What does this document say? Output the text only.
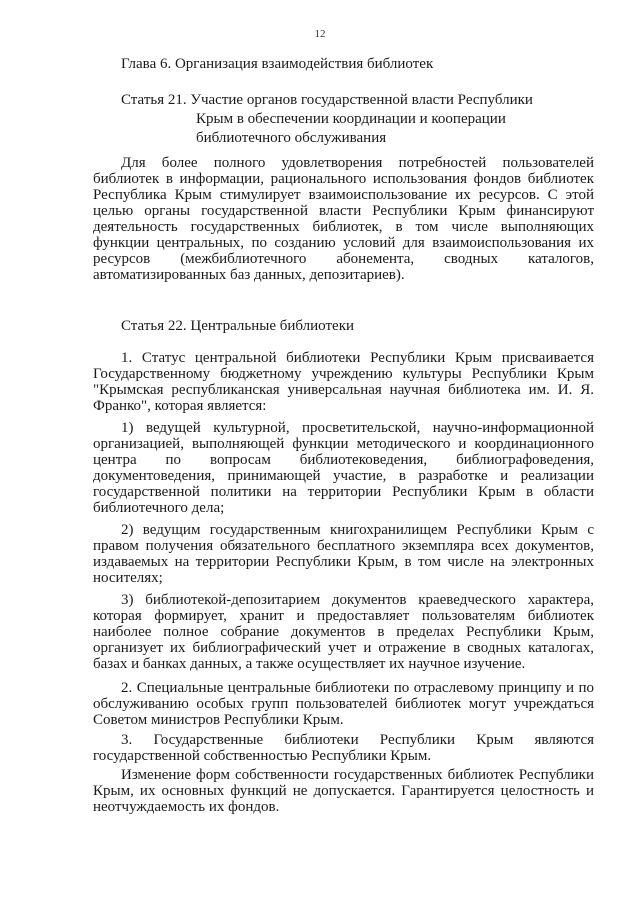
12
Глава 6. Организация взаимодействия библиотек
Статья 21. Участие органов государственной власти Республики
Крым в обеспечении координации и кооперации
библиотечного обслуживания

Для более полного удовлетворения потребностей пользователей библиотек в информации, рационального использования фондов библиотек Республика Крым стимулирует взаимоиспользование их ресурсов. С этой целью органы государственной власти Республики Крым финансируют деятельность государственных библиотек, в том числе выполняющих функции центральных, по созданию условий для взаимоиспользования их ресурсов (межбиблиотечного абонемента, сводных каталогов, автоматизированных баз данных, депозитариев).

Статья 22. Центральные библиотеки

1. Статус центральной библиотеки Республики Крым присваивается Государственному бюджетному учреждению культуры Республики Крым "Крымская республиканская универсальная научная библиотека им. И. Я. Франко", которая является:

1) ведущей культурной, просветительской, научно-информационной организацией, выполняющей функции методического и координационного центра по вопросам библиотековедения, библиографоведения, документоведения, принимающей участие, в разработке и реализации государственной политики на территории Республики Крым в области библиотечного дела;

2) ведущим государственным книгохранилищем Республики Крым с правом получения обязательного бесплатного экземпляра всех документов, издаваемых на территории Республики Крым, в том числе на электронных носителях;

3) библиотекой-депозитарием документов краеведческого характера, которая формирует, хранит и предоставляет пользователям библиотек наиболее полное собрание документов в пределах Республики Крым, организует их библиографический учет и отражение в сводных каталогах, базах и банках данных, а также осуществляет их научное изучение.

2. Специальные центральные библиотеки по отраслевому принципу и по обслуживанию особых групп пользователей библиотек могут учреждаться Советом министров Республики Крым.

3. Государственные библиотеки Республики Крым являются государственной собственностью Республики Крым.

Изменение форм собственности государственных библиотек Республики Крым, их основных функций не допускается. Гарантируется целостность и неотчуждаемость их фондов.
